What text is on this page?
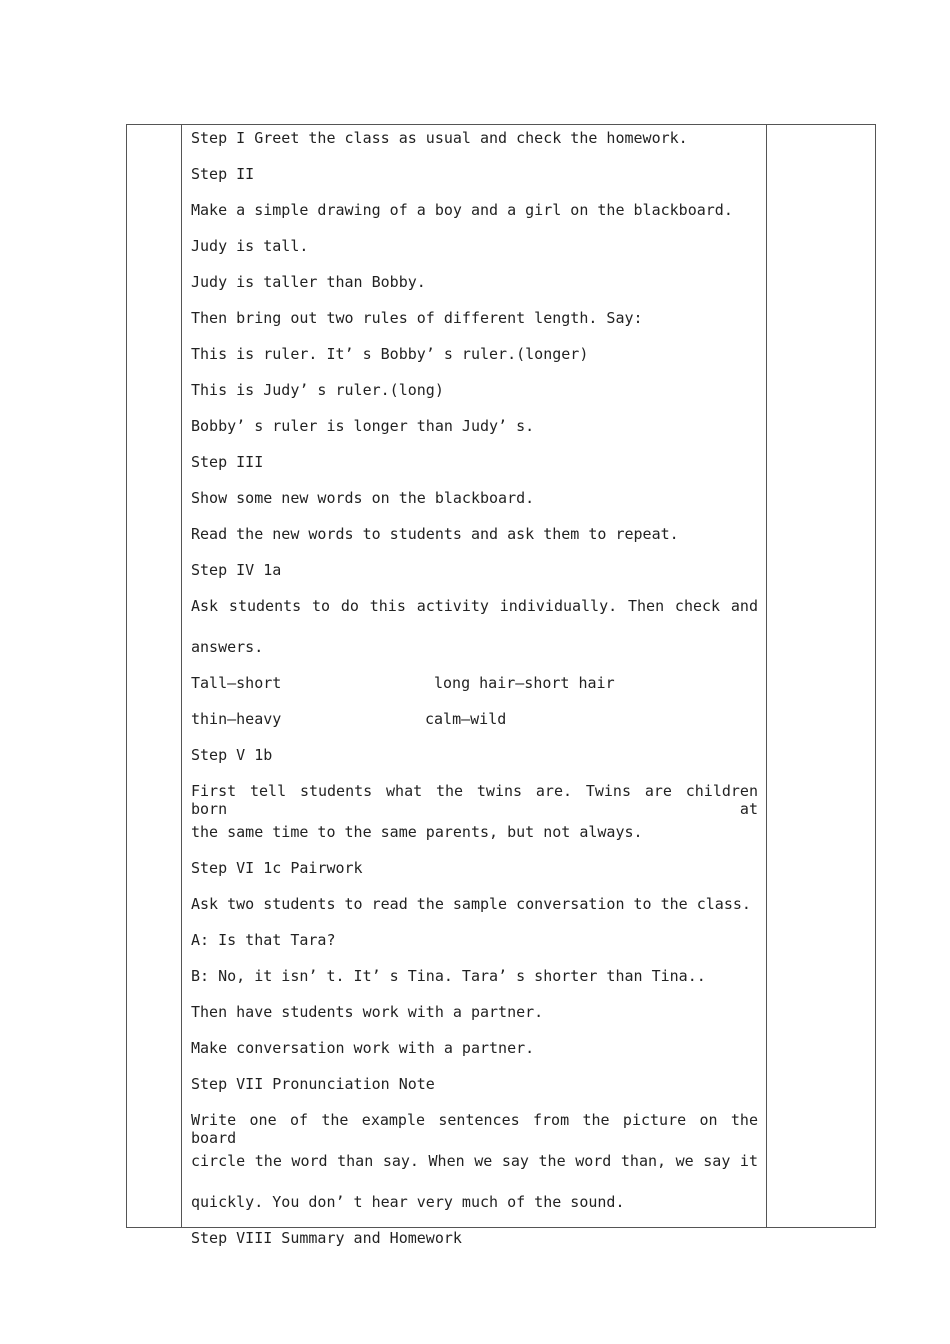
Step I Greet the class as usual and check the homework.
Step II
Make a simple drawing of a boy and a girl on the blackboard.
Judy is tall.
Judy is taller than Bobby.
Then bring out two rules of different length. Say:
This is ruler. It’ s Bobby’ s ruler.(longer)
This is Judy’ s ruler.(long)
Bobby’ s ruler is longer than Judy’ s.
Step III
Show some new words on the blackboard.
Read the new words to students and ask them to repeat.
Step IV 1a
Ask students to do this activity individually. Then check and
answers.
Tall—short	long hair—short hair
thin—heavy	calm—wild
Step V 1b
First tell students what the twins are. Twins are children born at
the same time to the same parents, but not always.
Step VI 1c Pairwork
Ask two students to read the sample conversation to the class.
A: Is that Tara?
B: No, it isn’ t. It’ s Tina. Tara’ s shorter than Tina..
Then have students work with a partner.
Make conversation work with a partner.
Step VII Pronunciation Note
Write one of the example sentences from the picture on the board
circle the word than say. When we say the word than, we say it
quickly. You don’ t hear very much of the sound.
Step VIII Summary and Homework
